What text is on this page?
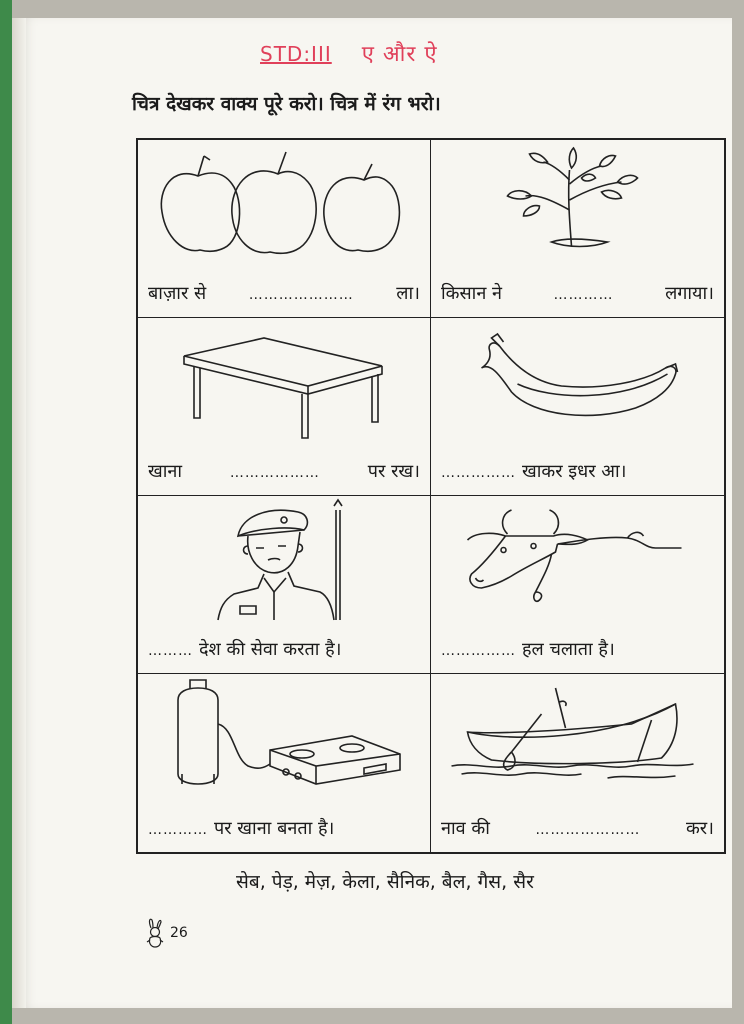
STD:III ए और ऐ
चित्र देखकर वाक्य पूरे करो। चित्र में रंग भरो।
बाज़ार से	………………… ला। किसान ने	…………	लगाया।
खाना	………………	पर रख। …………… खाकर इधर आ।
……… देश की सेवा करता है।	…………… हल चलाता है।
………… पर खाना बनता है।	नाव की	…………………	कर।
सेब, पेड़, मेज़, केला, सैनिक, बैल, गैस, सैर
26
